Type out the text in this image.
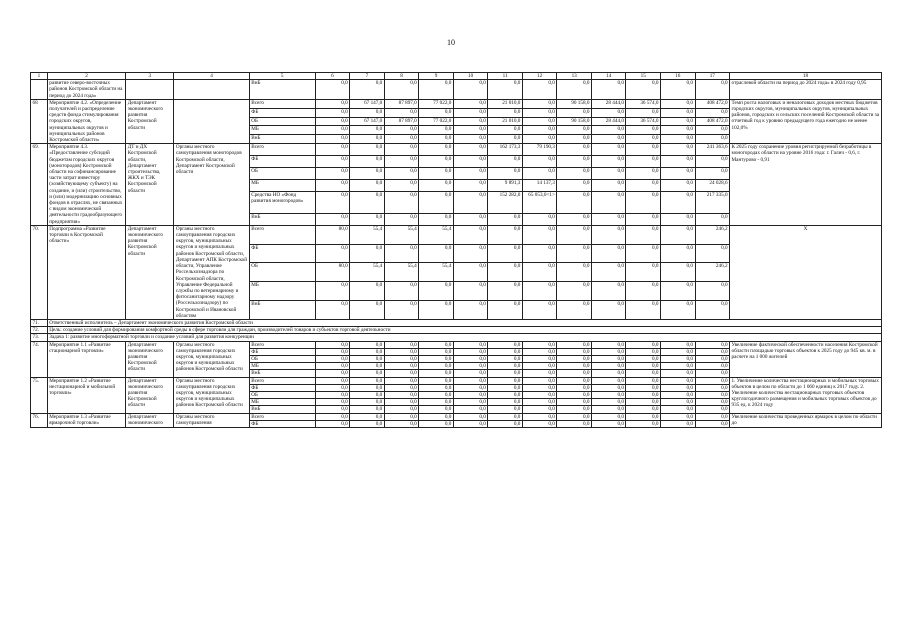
10
1	2	3	4	5	6	7	8	9	10	11	12	13	14	15	16	17	18
	развитие северо-восточных районов Костромской области на период до 2024 года»			ВнБ	0,0	0,0	0,0	0,0	0,0	0,0	0,0	0,0	0,0	0,0	0,0	0,0	отраслевой области на период до 2024 года» в 2024 году 0,95
68	Мероприятие 4.2. «Определение получателей и распределение средств фонда стимулирования городских округов, муниципальных округов и муниципальных районов Костромской области»	Департамент экономического развития Костромской области		Всего	0,0	67 147,0	87 897,0	77 022,0	0,0	21 010,0	0,0	90 158,0	28 444,0	36 574,0	0,0	408 472,0	Темп роста налоговых и неналоговых доходов местных бюджетов городских округов, муниципальных округов, муниципальных районов, городских и сельских поселений Костромской области за отчетный год к уровню предыдущего года ежегодно не менее 102,0%
				ФБ	0,0	0,0	0,0	0,0	0,0	0,0	0,0	0,0	0,0	0,0	0,0	0,0	
				ОБ	0,0	67 147,0	87 897,0	77 022,0	0,0	21 010,0	0,0	90 158,0	28 444,0	36 574,0	0,0	408 472,0	
				МБ	0,0	0,0	0,0	0,0	0,0	0,0	0,0	0,0	0,0	0,0	0,0	0,0	
				ВнБ	0,0	0,0	0,0	0,0	0,0	0,0	0,0	0,0	0,0	0,0	0,0	0,0	
69.	Мероприятие 4.3. «Предоставление субсидий бюджетам городских округов (монотородов) Костромской области на софинансирование части затрат инвестору (хозяйствующему субъекту) на создание, и (или) строительство, и (или) модернизацию основных фондов в отраслях, не связанных с видом экономической деятельности градообразующего предприятия»	ДТ и ДХ Костромской области, Департамент строительства, ЖКХ и ТЭК Костромской области	Органы местного самоуправления монотородов Костромской области, Департамент Костромской области	Всего	0,0	0,0	0,0	0,0	0,0	162 173,3	79 190,3	0,0	0,0	0,0	0,0	241 363,6	К 2025 году сохранение уровня регистрируемой безработицы в моногородах области на уровне 2016 года: г. Галич - 0,6, г. Мантурово - 0,91
				ФБ	0,0	0,0	0,0	0,0	0,0	0,0	0,0	0,0	0,0	0,0	0,0	0,0	
				ОБ	0,0	0,0	0,0	0,0	0,0	0,0	0,0	0,0	0,0	0,0	0,0	0,0	
				МБ	0,0	0,0	0,0	0,0	0,0	9 891,3	14 137,3	0,0	0,0	0,0	0,0	24 028,6	
				Средства НО «Фонд развития моногородов»	0,0	0,0	0,0	0,0	0,0	152 282,0	65 053,0<1>	0,0	0,0	0,0	0,0	217 335,0	
				ВнБ	0,0	0,0	0,0	0,0	0,0	0,0	0,0	0,0	0,0	0,0	0,0	0,0	
70.	Подпрограмма «Развитие торговли в Костромской области»	Департамент экономического развития Костромской области	Органы местного самоуправления городских округов, муниципальных округов и муниципальных районов Костромской области, Департамент АПК Костромской области, Управление Россельхознадзора по Костромской области, Управление Федеральной службы по ветеринарному и фитосанитарному надзору (Россельхознадзору) по Костромской и Ивановской областям	Всего	80,0	55,4	55,4	55,4	0,0	0,0	0,0	0,0	0,0	0,0	0,0	246,2	X
				ФБ	0,0	0,0	0,0	0,0	0,0	0,0	0,0	0,0	0,0	0,0	0,0	0,0	
				ОБ	80,0	55,4	55,4	55,4	0,0	0,0	0,0	0,0	0,0	0,0	0,0	246,2	
				МБ	0,0	0,0	0,0	0,0	0,0	0,0	0,0	0,0	0,0	0,0	0,0	0,0	
				ВнБ	0,0	0,0	0,0	0,0	0,0	0,0	0,0	0,0	0,0	0,0	0,0	0,0	
71.	Ответственный исполнитель – Департамент экономического развития Костромской области																
72.	Цель: создание условий для формирования комфортной среды в сфере торговли для граждан, производителей товаров и субъектов торговой деятельности																
73.	Задача 1: развитие многоформатной торговли и создание условий для развития конкуренции																
74.	Мероприятие 1.1 «Развитие стационарной торговли»	Департамент экономического развития Костромской области	Органы местного самоуправления городских округов, муниципальных округов и муниципальных районов Костромской области	Всего	0,0	0,0	0,0	0,0	0,0	0,0	0,0	0,0	0,0	0,0	0,0	0,0	Увеличение фактической обеспеченности населения Костромской области площадью торговых объектов к 2025 году до 945 кв. м. в расчете на 1 000 жителей
				ФБ	0,0	0,0	0,0	0,0	0,0	0,0	0,0	0,0	0,0	0,0	0,0	0,0	
				ОБ	0,0	0,0	0,0	0,0	0,0	0,0	0,0	0,0	0,0	0,0	0,0	0,0	
				МБ	0,0	0,0	0,0	0,0	0,0	0,0	0,0	0,0	0,0	0,0	0,0	0,0	
				ВнБ	0,0	0,0	0,0	0,0	0,0	0,0	0,0	0,0	0,0	0,0	0,0	0,0	
75.	Мероприятие 1.2 «Развитие нестационарной и мобильной торговли»	Департамент экономического развития Костромской области	Органы местного самоуправления городских округов, муниципальных округов и муниципальных районов Костромской области	Всего	0,0	0,0	0,0	0,0	0,0	0,0	0,0	0,0	0,0	0,0	0,0	0,0	1. Увеличение количества нестационарных и мобильных торговых объектов в целом по области до 1 060 единиц к 2017 году. 2. Увеличение количества нестационарных торговых объектов круглогодичного размещения и мобильных торговых объектов до 935 ед. к 2024 году
				ФБ	0,0	0,0	0,0	0,0	0,0	0,0	0,0	0,0	0,0	0,0	0,0	0,0	
				ОБ	0,0	0,0	0,0	0,0	0,0	0,0	0,0	0,0	0,0	0,0	0,0	0,0	
				МБ	0,0	0,0	0,0	0,0	0,0	0,0	0,0	0,0	0,0	0,0	0,0	0,0	
				ВнБ	0,0	0,0	0,0	0,0	0,0	0,0	0,0	0,0	0,0	0,0	0,0	0,0	
76.	Мероприятие 1.3 «Развитие ярмарочной торговли»	Департамент экономического	Органы местного самоуправления	Всего	0,0	0,0	0,0	0,0	0,0	0,0	0,0	0,0	0,0	0,0	0,0	0,0	Увеличение количества проведенных ярмарок в целом по области до
				ФБ	0,0	0,0	0,0	0,0	0,0	0,0	0,0	0,0	0,0	0,0	0,0	0,0	
